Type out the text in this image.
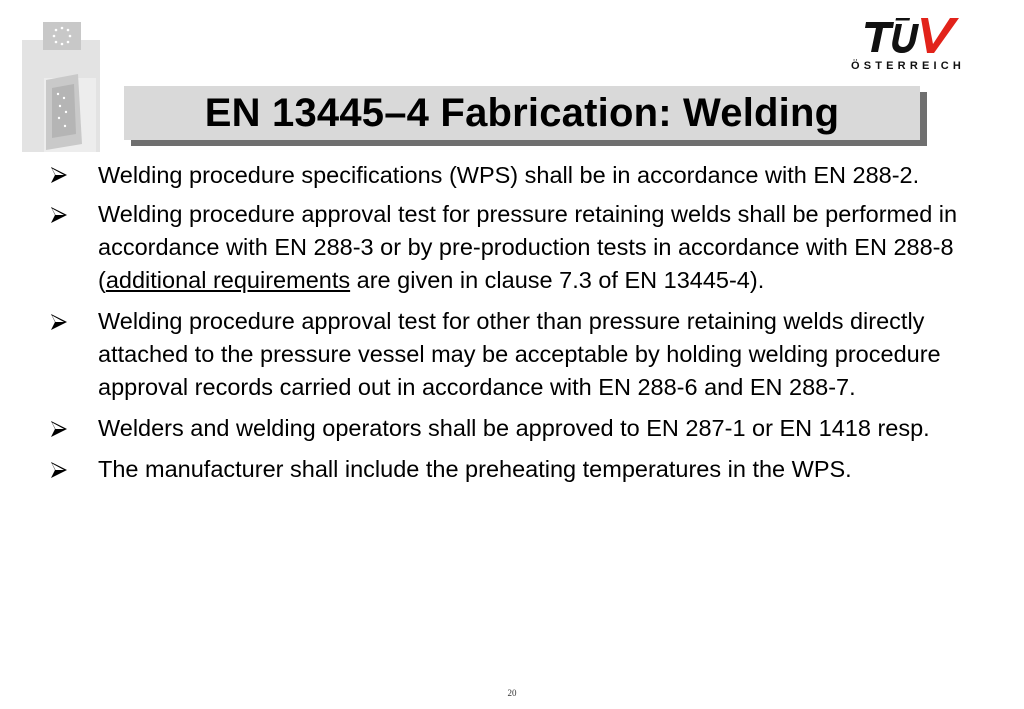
ÖSTERREICH
EN 13445–4 Fabrication: Welding
Welding procedure specifications (WPS) shall be in accordance with EN 288-2.
Welding procedure approval test for pressure retaining welds shall be performed in accordance with EN 288-3 or by pre-production tests in accordance with EN 288-8 (additional requirements are given in clause 7.3 of EN 13445-4).
Welding procedure approval test for other than pressure retaining welds directly attached to the pressure vessel may be acceptable by holding welding procedure approval records carried out in accordance with EN 288-6 and EN 288-7.
Welders and welding operators shall be approved to EN 287-1 or EN 1418 resp.
The manufacturer shall include the preheating temperatures in the WPS.
20
